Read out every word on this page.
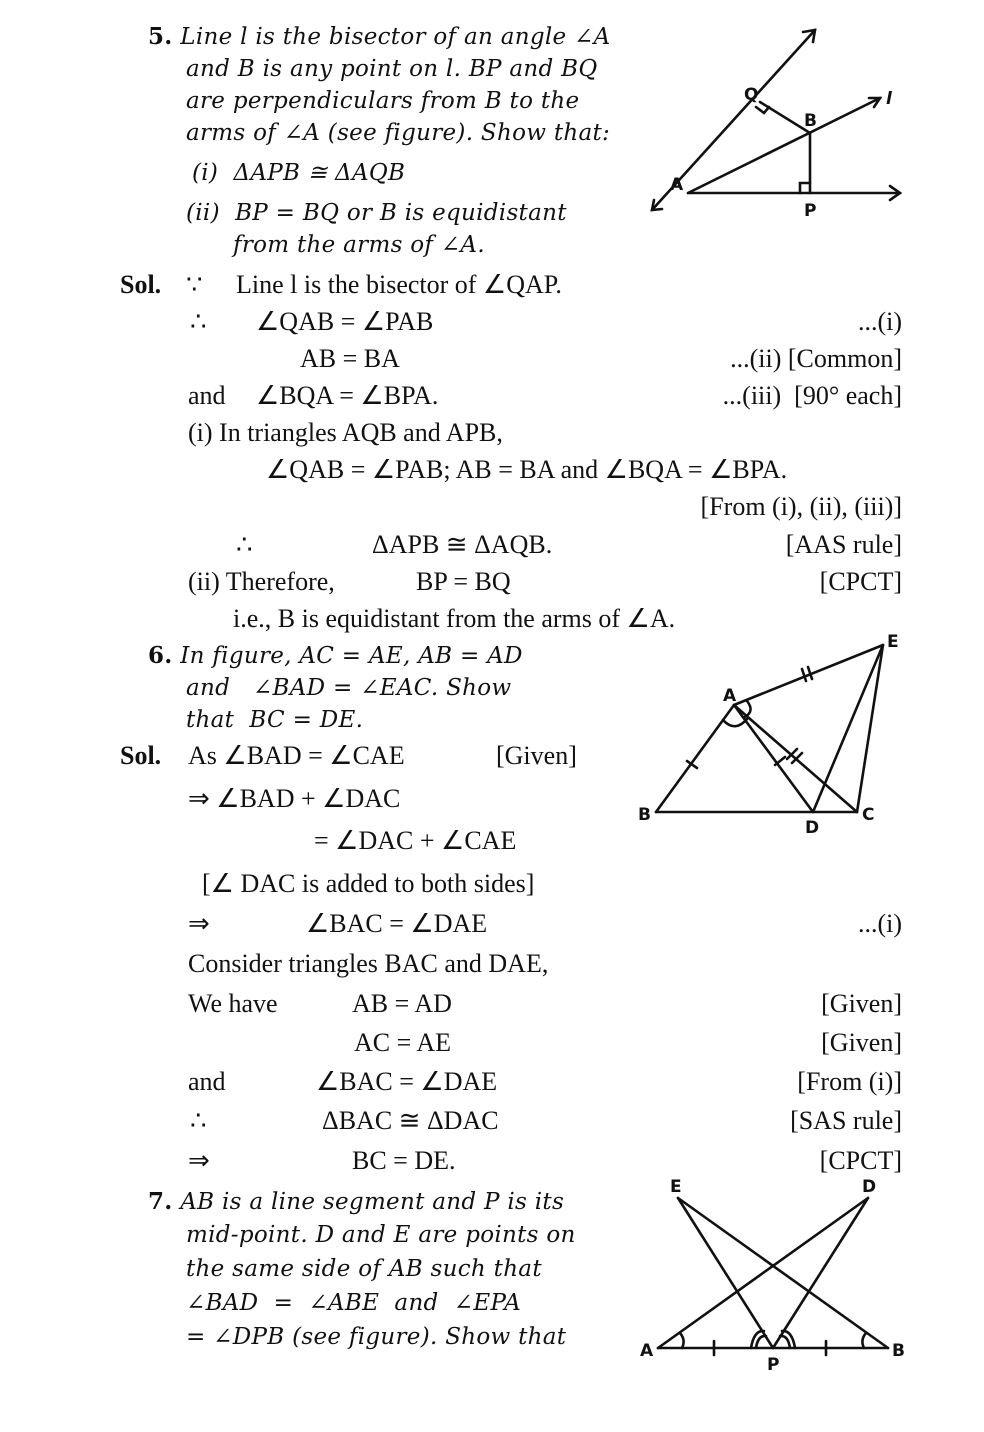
5. Line l is the bisector of an angle ∠A
and B is any point on l. BP and BQ
are perpendiculars from B to the
arms of ∠A (see figure). Show that:
(i) ΔAPB ≅ ΔAQB
(ii) BP = BQ or B is equidistant
from the arms of ∠A.
A
B
P
Q	l
Sol. ∵ Line l is the bisector of ∠QAP.
∴ ∠QAB = ∠PAB	...(i)
AB = BA	...(ii) [Common]
and ∠BQA = ∠BPA.	...(iii)  [90° each]
(i) In triangles AQB and APB,
∠QAB = ∠PAB; AB = BA and ∠BQA = ∠BPA.
[From (i), (ii), (iii)]
∴	ΔAPB ≅ ΔAQB.	[AAS rule]
(ii) Therefore,	BP = BQ	[CPCT]
i.e., B is equidistant from the arms of ∠A.
6. In figure, AC = AE, AB = AD
and   ∠BAD = ∠EAC. Show
that  BC = DE.
A
B	C
D
E
Sol. As ∠BAD = ∠CAE	[Given]
⇒ ∠BAD + ∠DAC
= ∠DAC + ∠CAE
[∠ DAC is added to both sides]
⇒	∠BAC = ∠DAE	...(i)
Consider triangles BAC and DAE,
We have	AB = AD	[Given]
AC = AE	[Given]
and	∠BAC = ∠DAE	[From (i)]
∴	ΔBAC ≅ ΔDAC	[SAS rule]
⇒	BC = DE.	[CPCT]
7. AB is a line segment and P is its
mid-point. D and E are points on
the same side of AB such that
∠BAD  =  ∠ABE  and  ∠EPA
= ∠DPB (see figure). Show that
A	B
E	D
P
